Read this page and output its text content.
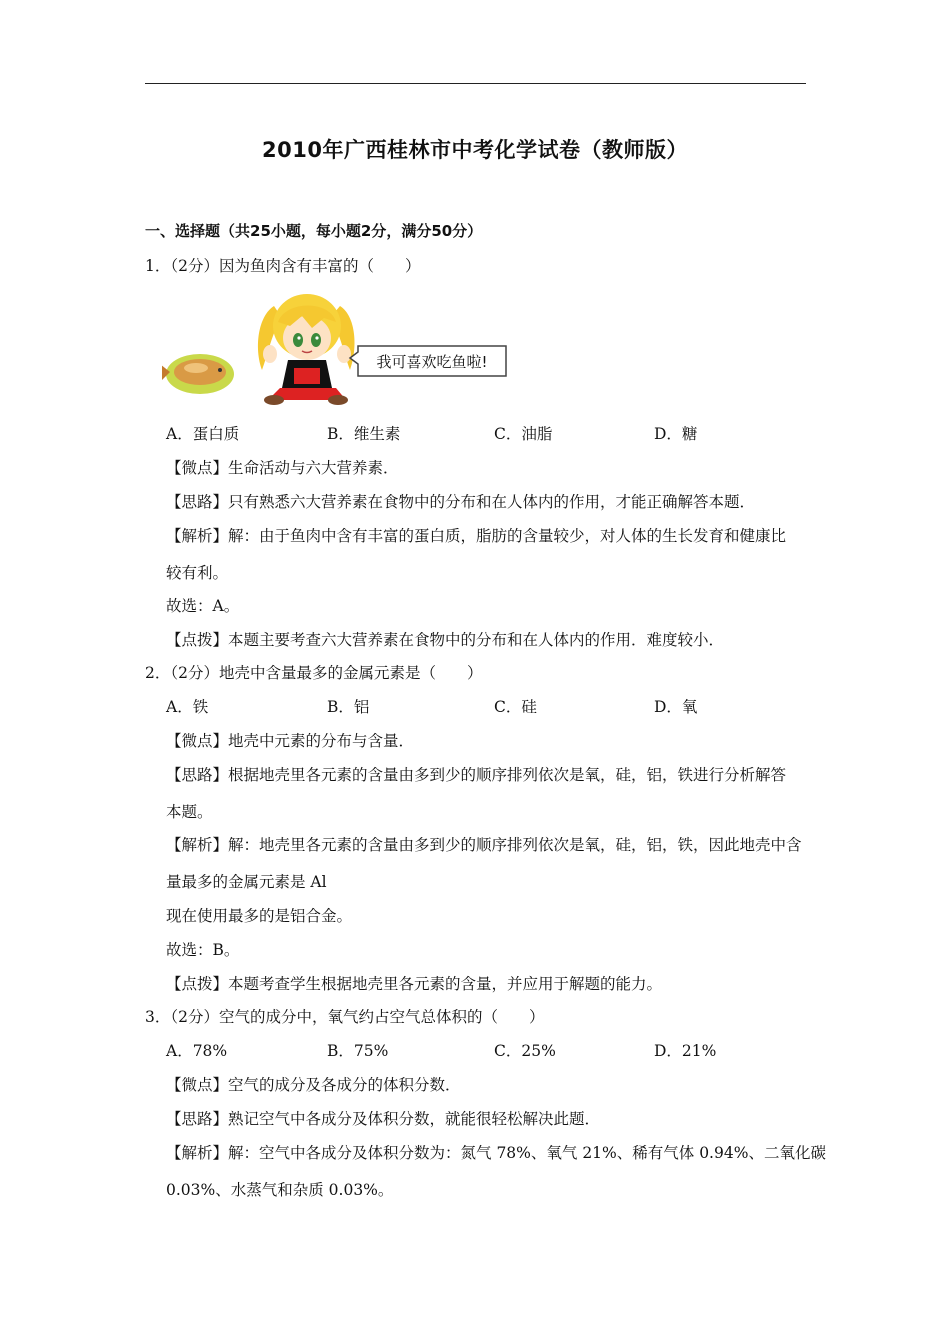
2010年广西桂林市中考化学试卷（教师版）
一、选择题（共25小题，每小题2分，满分50分）
1．（2分）因为鱼肉含有丰富的（　　）
我可喜欢吃鱼啦!
A．蛋白质	B．维生素	C．油脂	D．糖
【微点】生命活动与六大营养素．
【思路】只有熟悉六大营养素在食物中的分布和在人体内的作用，才能正确解答本题．
【解析】解：由于鱼肉中含有丰富的蛋白质，脂肪的含量较少，对人体的生长发育和健康比
较有利。
故选：A。
【点拨】本题主要考查六大营养素在食物中的分布和在人体内的作用．难度较小．
2．（2分）地壳中含量最多的金属元素是（　　）
A．铁	B．铝	C．硅	D．氧
【微点】地壳中元素的分布与含量．
【思路】根据地壳里各元素的含量由多到少的顺序排列依次是氧，硅，铝，铁进行分析解答
本题。
【解析】解：地壳里各元素的含量由多到少的顺序排列依次是氧，硅，铝，铁，因此地壳中含
量最多的金属元素是 Al
现在使用最多的是铝合金。
故选：B。
【点拨】本题考查学生根据地壳里各元素的含量，并应用于解题的能力。
3．（2分）空气的成分中，氧气约占空气总体积的（　　）
A．78%	B．75%	C．25%	D．21%
【微点】空气的成分及各成分的体积分数．
【思路】熟记空气中各成分及体积分数，就能很轻松解决此题．
【解析】解：空气中各成分及体积分数为：氮气 78%、氧气 21%、稀有气体 0.94%、二氧化碳
0.03%、水蒸气和杂质 0.03%。
